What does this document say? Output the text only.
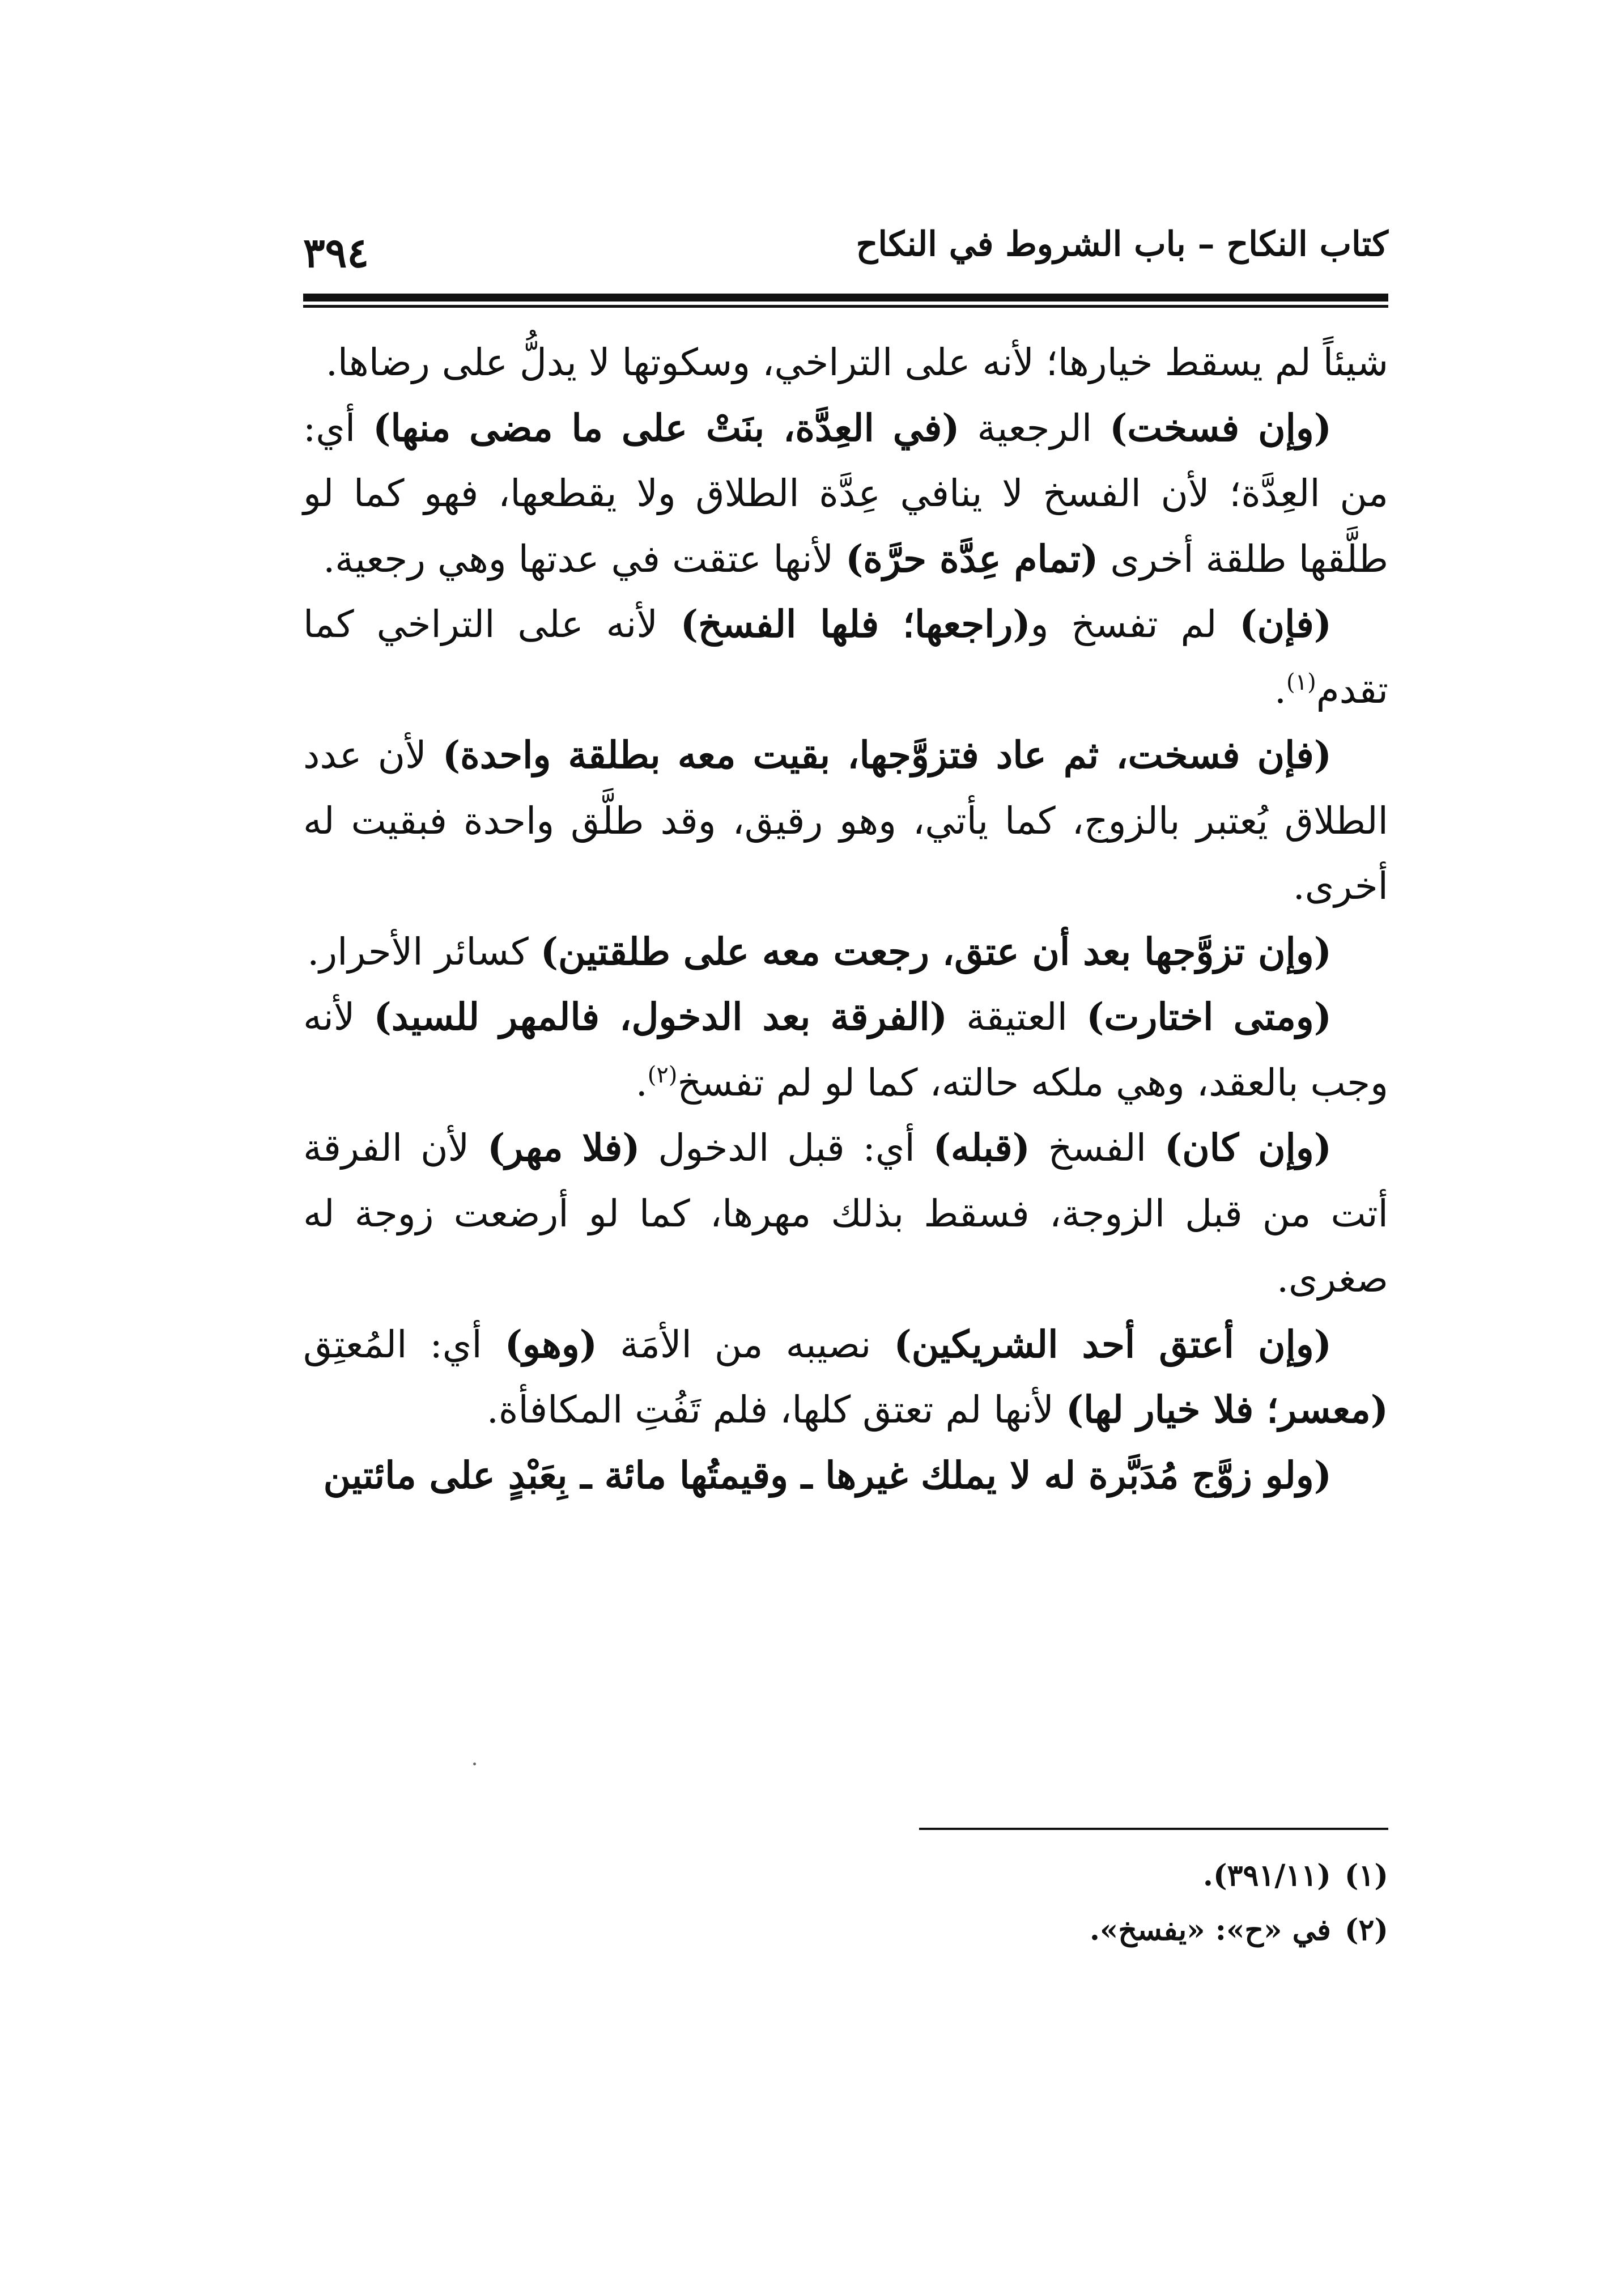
٣٩٤	كتاب النكاح – باب الشروط في النكاح

شيئاً لم يسقط خيارها؛ لأنه على التراخي، وسكوتها لا يدلُّ على رضاها.

(وإن فسخت) الرجعية (في العِدَّة، بنَتْ على ما مضى منها) أي: من العِدَّة؛ لأن الفسخ لا ينافي عِدَّة الطلاق ولا يقطعها، فهو كما لو طلَّقها طلقة أخرى (تمام عِدَّة حرَّة) لأنها عتقت في عدتها وهي رجعية.

(فإن) لم تفسخ و(راجعها؛ فلها الفسخ) لأنه على التراخي كما تقدم$^{(١)}$.

(فإن فسخت، ثم عاد فتزوَّجها، بقيت معه بطلقة واحدة) لأن عدد الطلاق يُعتبر بالزوج، كما يأتي، وهو رقيق، وقد طلَّق واحدة فبقيت له أخرى.

(وإن تزوَّجها بعد أن عتق، رجعت معه على طلقتين) كسائر الأحرار.

(ومتى اختارت) العتيقة (الفرقة بعد الدخول، فالمهر للسيد) لأنه وجب بالعقد، وهي ملكه حالته، كما لو لم تفسخ$^{(٢)}$.

(وإن كان) الفسخ (قبله) أي: قبل الدخول (فلا مهر) لأن الفرقة أتت من قبل الزوجة، فسقط بذلك مهرها، كما لو أرضعت زوجة له صغرى.

(وإن أعتق أحد الشريكين) نصيبه من الأمَة (وهو) أي: المُعتِق (معسر؛ فلا خيار لها) لأنها لم تعتق كلها، فلم تَفُتِ المكافأة.

(ولو زوَّج مُدَبَّرة له لا يملك غيرها ـ وقيمتُها مائة ـ بِعَبْدٍ على مائتين

(١).(٣٩١/١١)

(٢)في «ح»: «يفسخ».
